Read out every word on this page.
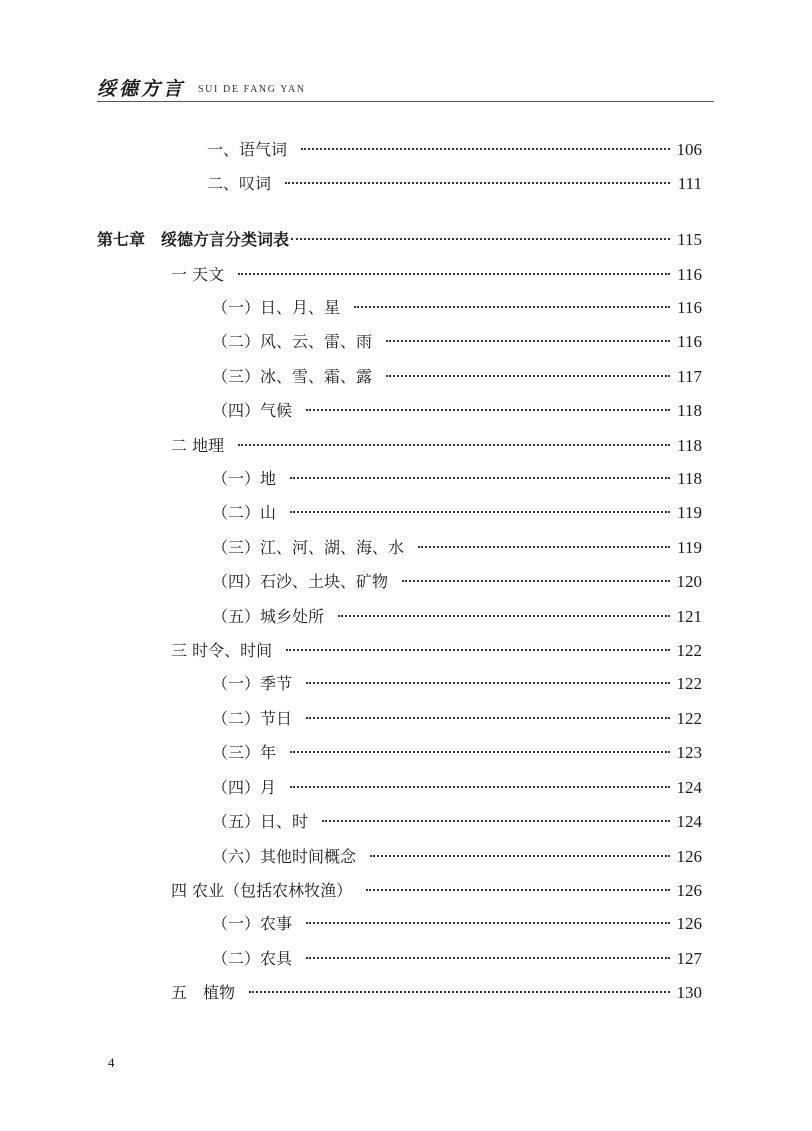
绥德方言 SUI DE FANG YAN
一、语气词	106
二、叹词	111
第七章　绥德方言分类词表	115
一 天文	116
（一）日、月、星	116
（二）风、云、雷、雨	116
（三）冰、雪、霜、露	117
（四）气候	118
二 地理	118
（一）地	118
（二）山	119
（三）江、河、湖、海、水	119
（四）石沙、土块、矿物	120
（五）城乡处所	121
三 时令、时间	122
（一）季节	122
（二）节日	122
（三）年	123
（四）月	124
（五）日、时	124
（六）其他时间概念	126
四 农业（包括农林牧渔）	126
（一）农事	126
（二）农具	127
五　植物	130
4
